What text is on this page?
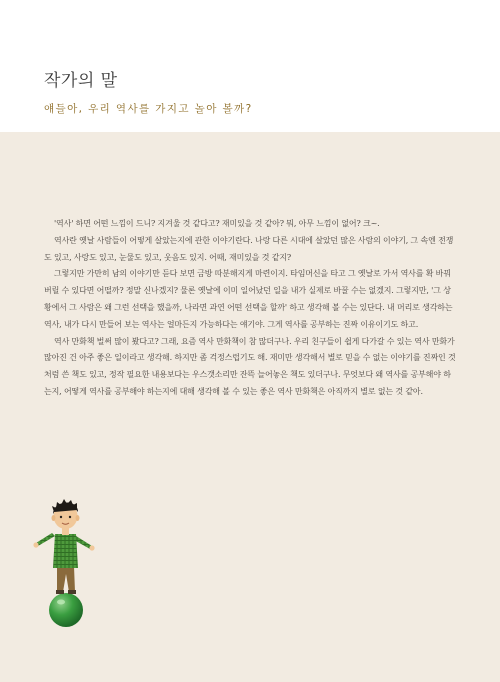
작가의 말
얘들아, 우리 역사를 가지고 놀아 볼까?

'역사' 하면 어떤 느낌이 드니? 지겨울 것 같다고? 재미있을 것 같아? 뭐, 아무 느낌이 없어? 크~.

역사란 옛날 사람들이 어떻게 살았는지에 관한 이야기란다. 나랑 다른 시대에 살았던 많은 사람의 이야기, 그 속엔 전쟁도 있고, 사랑도 있고, 눈물도 있고, 웃음도 있지. 어때, 재미있을 것 같지?

그렇지만 가만히 남의 이야기만 듣다 보면 금방 따분해지게 마련이지. 타임머신을 타고 그 옛날로 가서 역사를 확 바꿔 버릴 수 있다면 어떨까? 정말 신나겠지? 물론 옛날에 이미 일어났던 일을 내가 실제로 바꿀 수는 없겠지. 그렇지만, '그 상황에서 그 사람은 왜 그런 선택을 했을까, 나라면 과연 어떤 선택을 할까' 하고 생각해 볼 수는 있단다. 내 머리로 생각하는 역사, 내가 다시 만들어 보는 역사는 얼마든지 가능하다는 얘기야. 그게 역사를 공부하는 진짜 이유이기도 하고.

역사 만화책 벌써 많이 봤다고? 그래, 요즘 역사 만화책이 참 많더구나. 우리 친구들이 쉽게 다가갈 수 있는 역사 만화가 많아진 건 아주 좋은 일이라고 생각해. 하지만 좀 걱정스럽기도 해. 재미만 생각해서 별로 믿을 수 없는 이야기를 진짜인 것처럼 쓴 책도 있고, 정작 필요한 내용보다는 우스갯소리만 잔뜩 늘어놓은 책도 있더구나. 무엇보다 왜 역사를 공부해야 하는지, 어떻게 역사를 공부해야 하는지에 대해 생각해 볼 수 있는 좋은 역사 만화책은 아직까지 별로 없는 것 같아.
